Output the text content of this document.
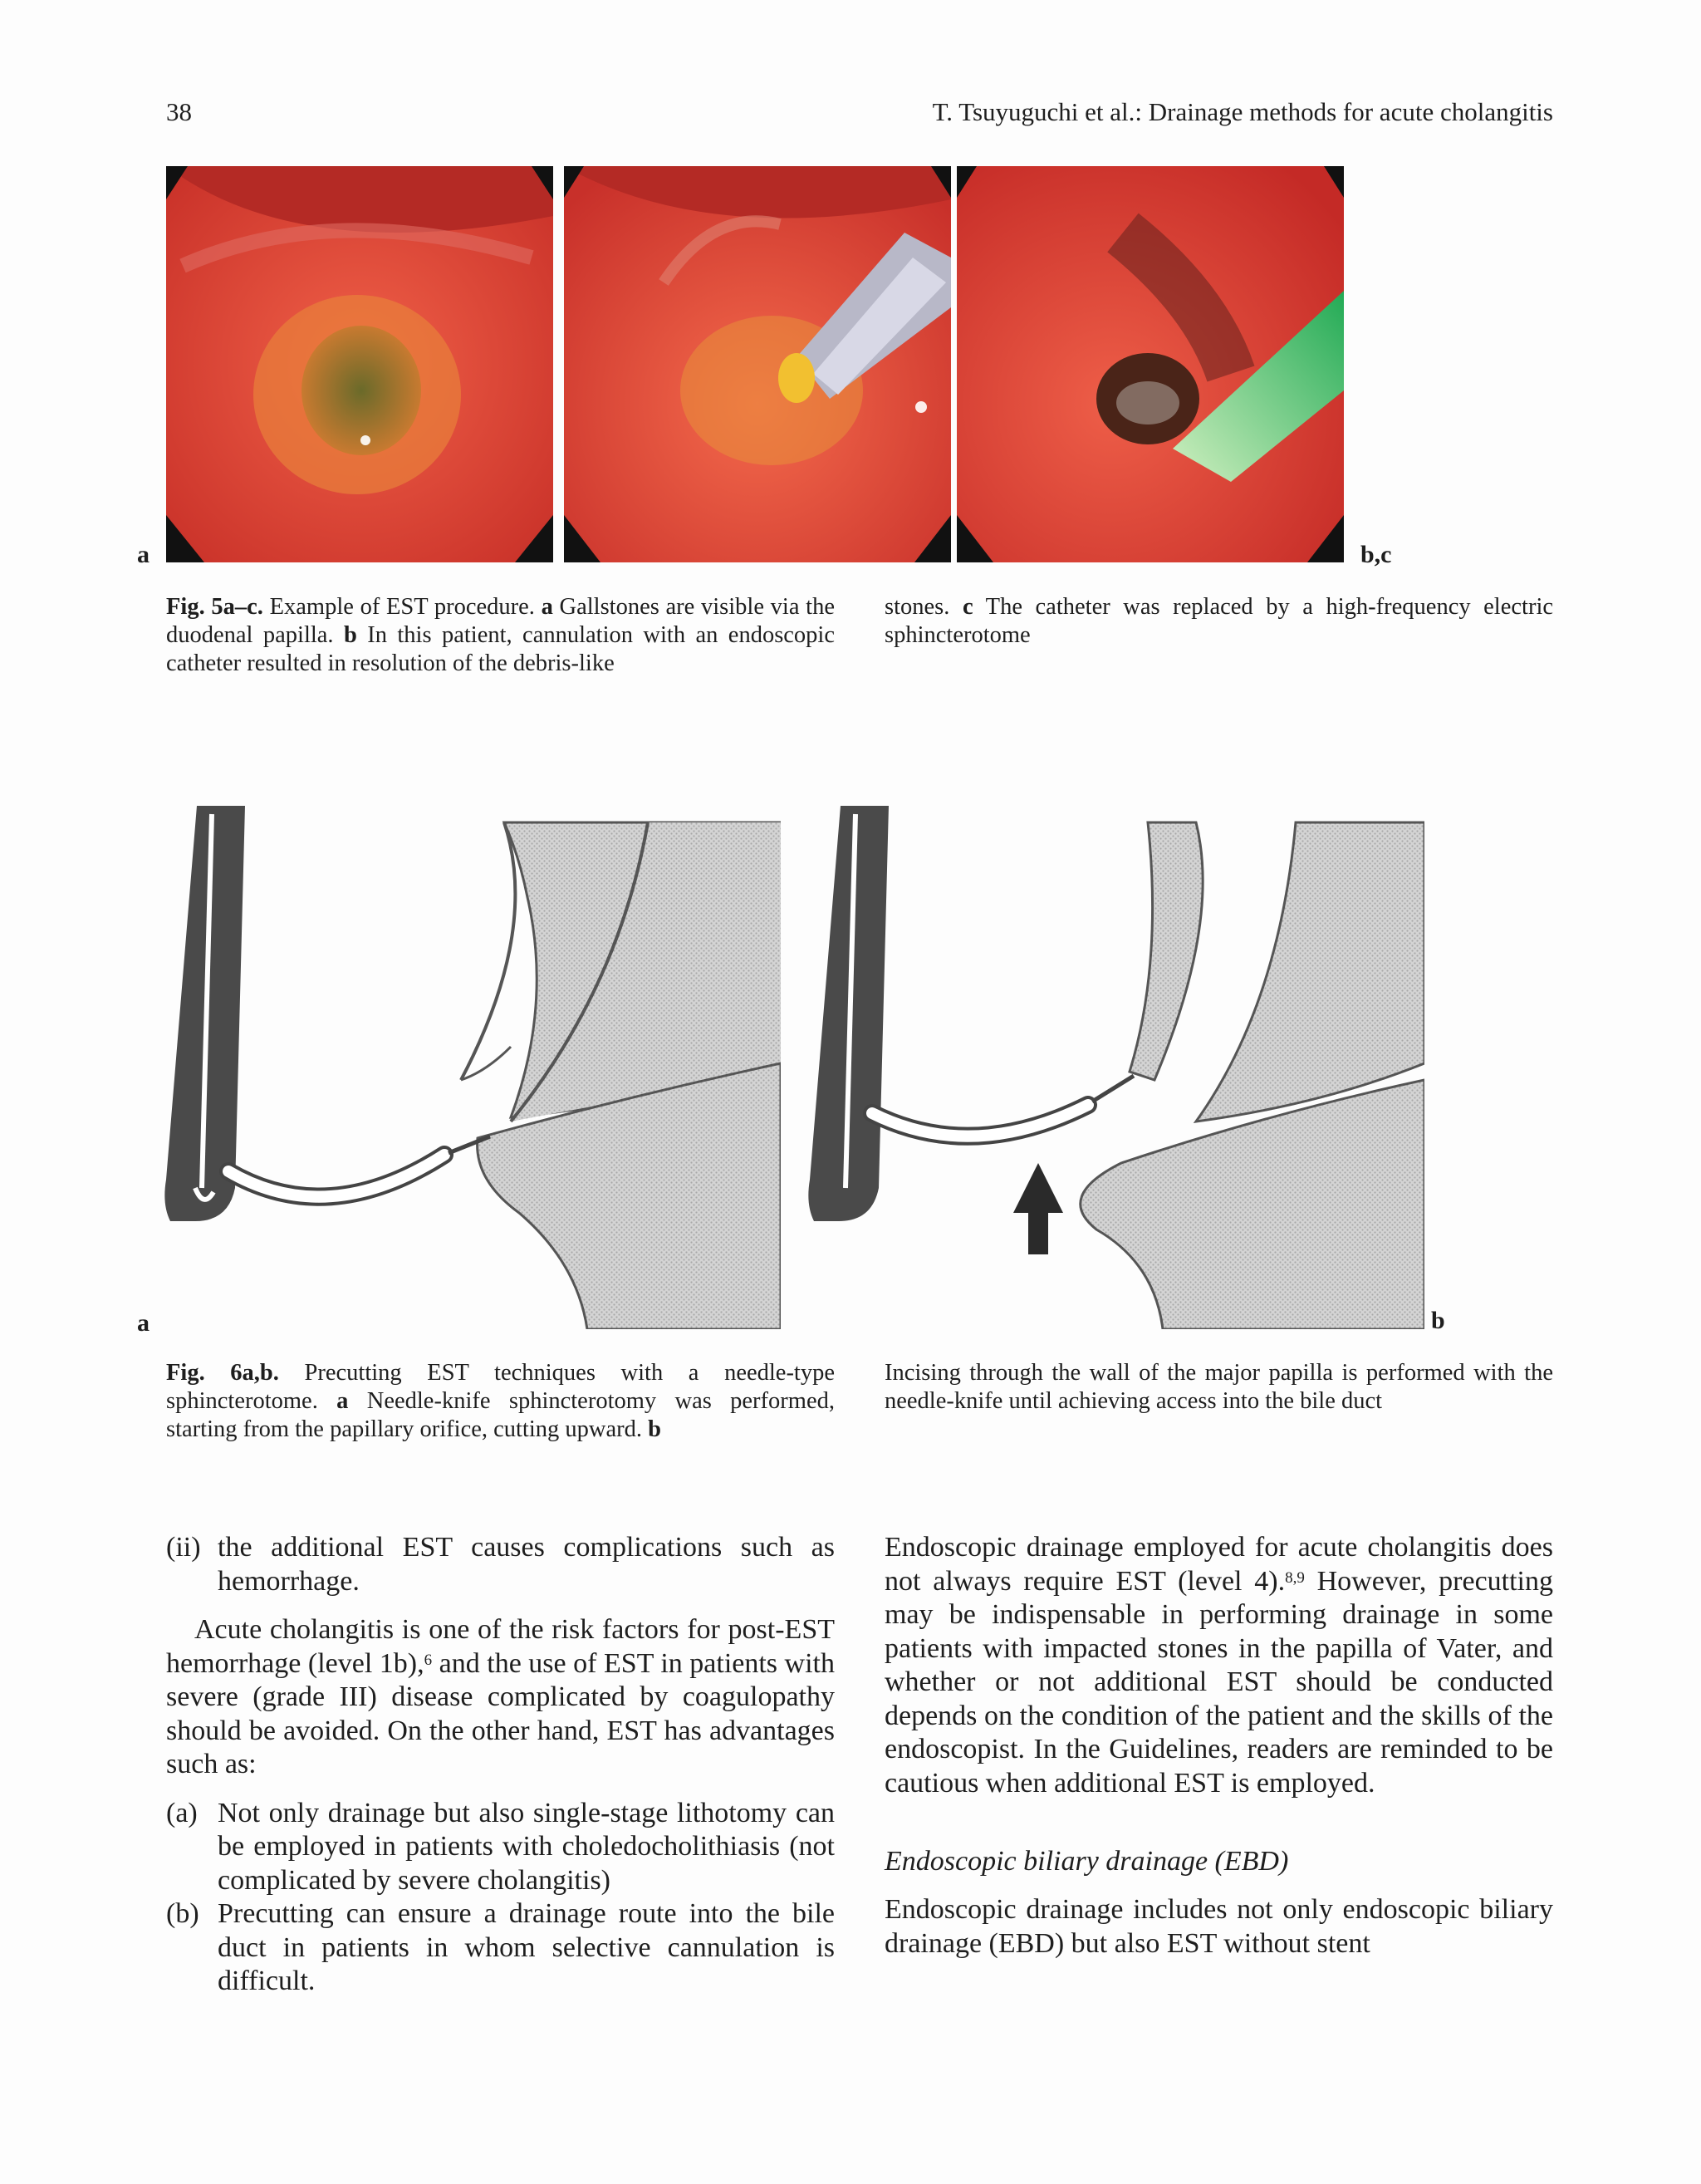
38	T. Tsuyuguchi et al.: Drainage methods for acute cholangitis
a	b,c
Fig. 5a–c. Example of EST procedure. a Gallstones are visible via the duodenal papilla. b In this patient, cannulation with an endoscopic catheter resulted in resolution of the debris-like
stones. c The catheter was replaced by a high-frequency electric sphincterotome
a	b
Fig. 6a,b. Precutting EST techniques with a needle-type sphincterotome. a Needle-knife sphincterotomy was performed, starting from the papillary orifice, cutting upward. b
Incising through the wall of the major papilla is performed with the needle-knife until achieving access into the bile duct
(ii) the additional EST causes complications such as hemorrhage.

Acute cholangitis is one of the risk factors for post-EST hemorrhage (level 1b),$^6$ and the use of EST in patients with severe (grade III) disease complicated by coagulopathy should be avoided. On the other hand, EST has advantages such as:

(a) Not only drainage but also single-stage lithotomy can be employed in patients with choledocholithiasis (not complicated by severe cholangitis)
(b) Precutting can ensure a drainage route into the bile duct in patients in whom selective cannulation is difficult.

Endoscopic drainage employed for acute cholangitis does not always require EST (level 4).$^{8,9}$ However, precutting may be indispensable in performing drainage in some patients with impacted stones in the papilla of Vater, and whether or not additional EST should be conducted depends on the condition of the patient and the skills of the endoscopist. In the Guidelines, readers are reminded to be cautious when additional EST is employed.

Endoscopic biliary drainage (EBD)

Endoscopic drainage includes not only endoscopic biliary drainage (EBD) but also EST without stent
